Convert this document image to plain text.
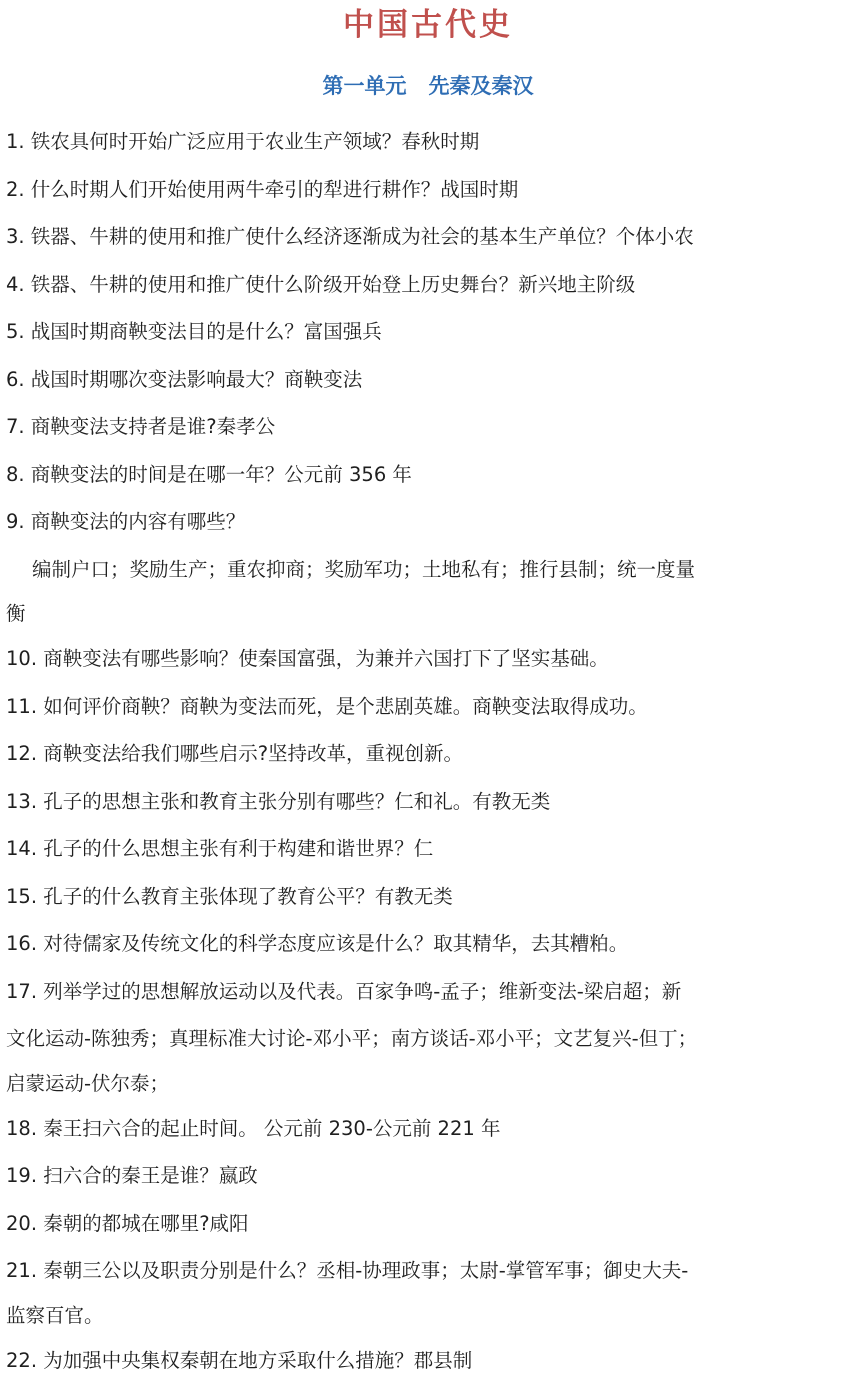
中国古代史
第一单元   先秦及秦汉

1. 铁农具何时开始广泛应用于农业生产领域？春秋时期

2. 什么时期人们开始使用两牛牵引的犁进行耕作？战国时期

3. 铁器、牛耕的使用和推广使什么经济逐渐成为社会的基本生产单位？个体小农

4. 铁器、牛耕的使用和推广使什么阶级开始登上历史舞台？新兴地主阶级

5. 战国时期商鞅变法目的是什么？富国强兵

6. 战国时期哪次变法影响最大？商鞅变法

7. 商鞅变法支持者是谁?秦孝公

8. 商鞅变法的时间是在哪一年？公元前 356 年

9. 商鞅变法的内容有哪些？

编制户口；奖励生产；重农抑商；奖励军功；土地私有；推行县制；统一度量

衡

10. 商鞅变法有哪些影响？使秦国富强，为兼并六国打下了坚实基础。

11. 如何评价商鞅？商鞅为变法而死，是个悲剧英雄。商鞅变法取得成功。

12. 商鞅变法给我们哪些启示?坚持改革，重视创新。

13. 孔子的思想主张和教育主张分别有哪些？仁和礼。有教无类

14. 孔子的什么思想主张有利于构建和谐世界？仁

15. 孔子的什么教育主张体现了教育公平？有教无类

16. 对待儒家及传统文化的科学态度应该是什么？取其精华，去其糟粕。

17. 列举学过的思想解放运动以及代表。百家争鸣-孟子；维新变法-梁启超；新

文化运动-陈独秀；真理标准大讨论-邓小平；南方谈话-邓小平；文艺复兴-但丁；

启蒙运动-伏尔泰；

18. 秦王扫六合的起止时间。 公元前 230-公元前 221 年

19. 扫六合的秦王是谁？嬴政

20. 秦朝的都城在哪里?咸阳

21. 秦朝三公以及职责分别是什么？丞相-协理政事；太尉-掌管军事；御史大夫-

监察百官。

22. 为加强中央集权秦朝在地方采取什么措施？郡县制
